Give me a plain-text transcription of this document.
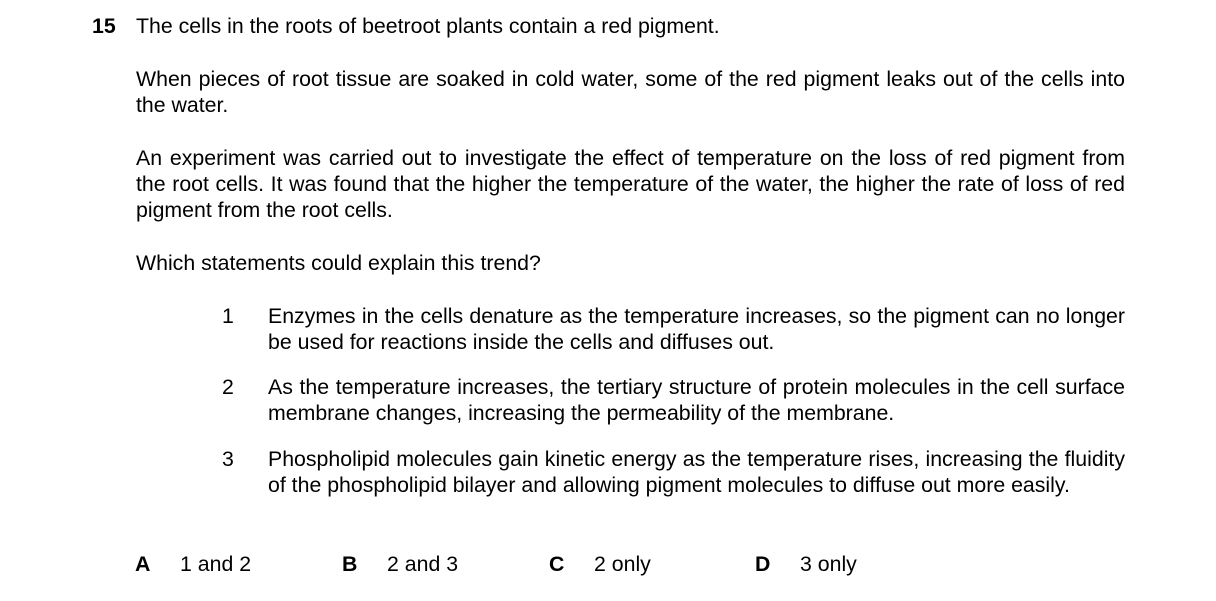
15 The cells in the roots of beetroot plants contain a red pigment.
When pieces of root tissue are soaked in cold water, some of the red pigment leaks out of the cells into the water.
An experiment was carried out to investigate the effect of temperature on the loss of red pigment from the root cells. It was found that the higher the temperature of the water, the higher the rate of loss of red pigment from the root cells.
Which statements could explain this trend?
1	Enzymes in the cells denature as the temperature increases, so the pigment can no longer be used for reactions inside the cells and diffuses out.
2	As the temperature increases, the tertiary structure of protein molecules in the cell surface membrane changes, increasing the permeability of the membrane.
3	Phospholipid molecules gain kinetic energy as the temperature rises, increasing the fluidity of the phospholipid bilayer and allowing pigment molecules to diffuse out more easily.
A 1 and 2	B 2 and 3	C 2 only	D 3 only
